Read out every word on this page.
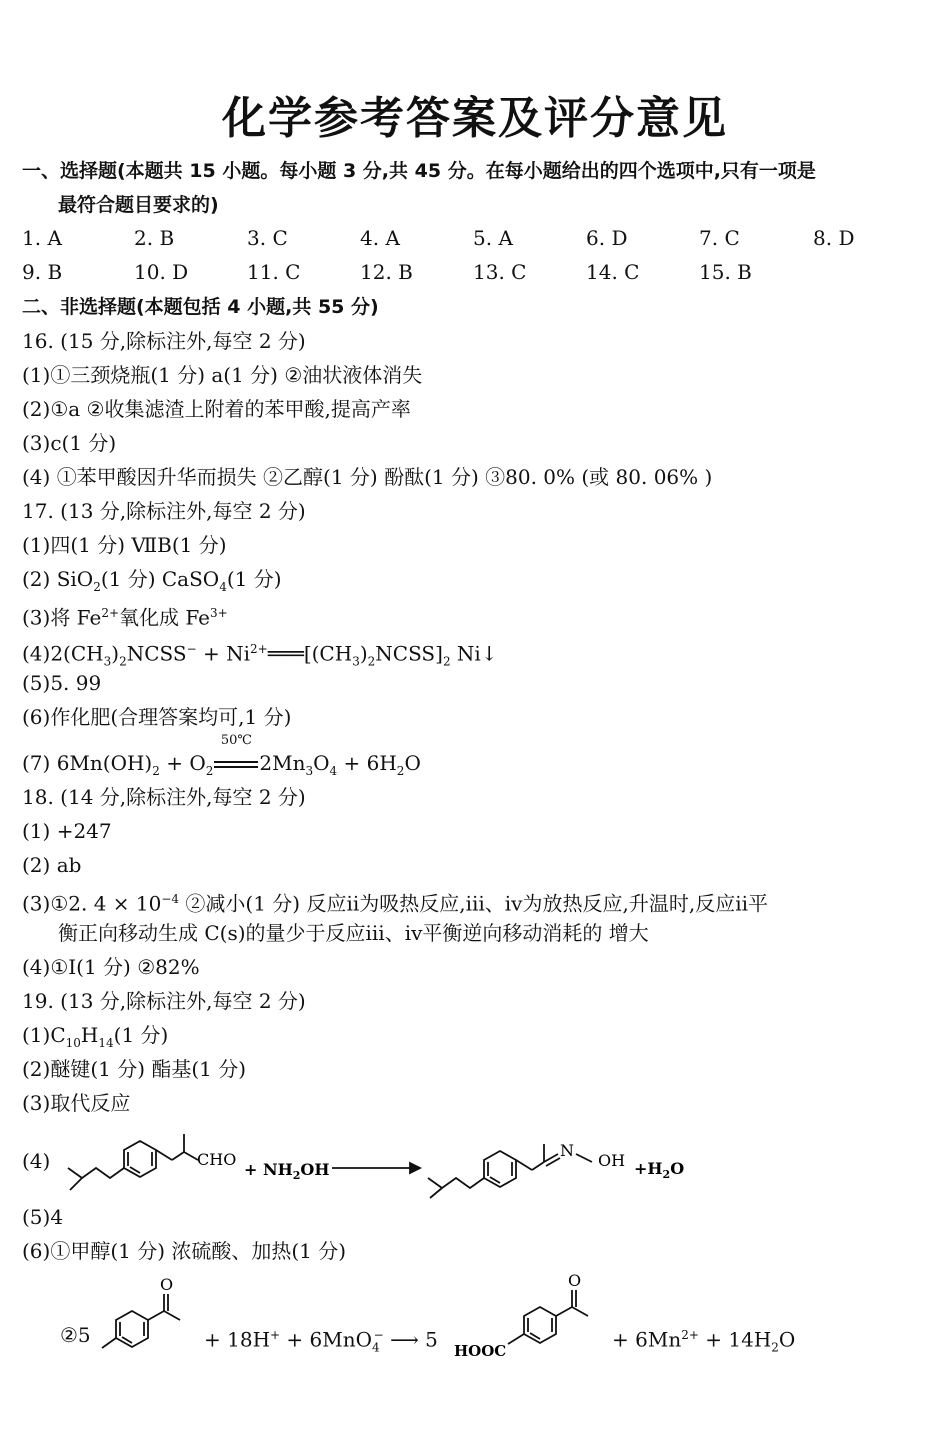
化学参考答案及评分意见
一、选择题(本题共 15 小题。每小题 3 分,共 45 分。在每小题给出的四个选项中,只有一项是
最符合题目要求的)
1. A	2. B	3. C	4. A	5. A	6. D	7. C	8. D
9. B	10. D	11. C	12. B	13. C	14. C	15. B
二、非选择题(本题包括 4 小题,共 55 分)
16. (15 分,除标注外,每空 2 分)
(1)①三颈烧瓶(1 分) a(1 分) ②油状液体消失
(2)①a ②收集滤渣上附着的苯甲酸,提高产率
(3)c(1 分)
(4) ①苯甲酸因升华而损失 ②乙醇(1 分) 酚酞(1 分) ③80. 0% (或 80. 06% )
17. (13 分,除标注外,每空 2 分)
(1)四(1 分) ⅦB(1 分)
(2) SiO$_2$(1 分) CaSO$_4$(1 分)
(3)将 $Fe^{2+}$氧化成 $Fe^{3+}$
$(4)2(CH_3)_2NCSS^-$ + $Ni^{2+}═══[(CH_3)_2NCSS]_2$ Ni↓
(5)5. 99
(6)作化肥(合理答案均可,1 分)
(7) $6Mn(OH)_2 + O_2$
50℃
$2Mn_3O_4 + 6H_2O$
18. (14 分,除标注外,每空 2 分)
(1) +247
(2) ab
(3)①2. $4 \times 10^{-4}$ ②减小(1 分) 反应ⅱ为吸热反应,ⅲ、ⅳ为放热反应,升温时,反应ⅱ平
衡正向移动生成 C(s)的量少于反应ⅲ、ⅳ平衡逆向移动消耗的 增大
(4)①Ⅰ(1 分) ②82%
19. (13 分,除标注外,每空 2 分)
$(1)C_{10}H_{14}(1$ 分)
(2)醚键(1 分) 酯基(1 分)
(3)取代反应
(4)	CHO
+ $NH_2OH$
N
OH $+H_2O$
(5)4
(6)①甲醇(1 分) 浓硫酸、加热(1 分)
②5
O
+ 18H+ + 6MnO$_4$− ⟶ 5 HOOC
O
+ $6Mn^{2+} + 14H_2O$
